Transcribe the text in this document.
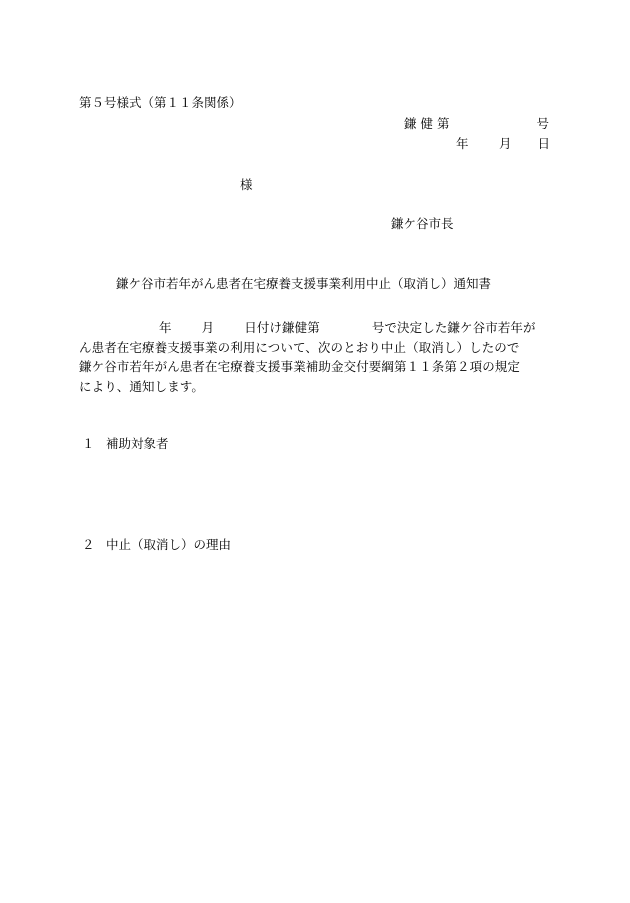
第５号様式（第１１条関係）

鎌 健 第

	号

年

月

日

様
鎌ケ谷市長
鎌ケ谷市若年がん患者在宅療養支援事業利用中止（取消し）通知書
年 月 日付け鎌健第	号で決定した鎌ケ谷市若年が
ん患者在宅療養支援事業の利用について、次のとおり中止（取消し）したので
鎌ケ谷市若年がん患者在宅療養支援事業補助金交付要綱第１１条第２項の規定
により、通知します。
１ 補助対象者
２ 中止（取消し）の理由
